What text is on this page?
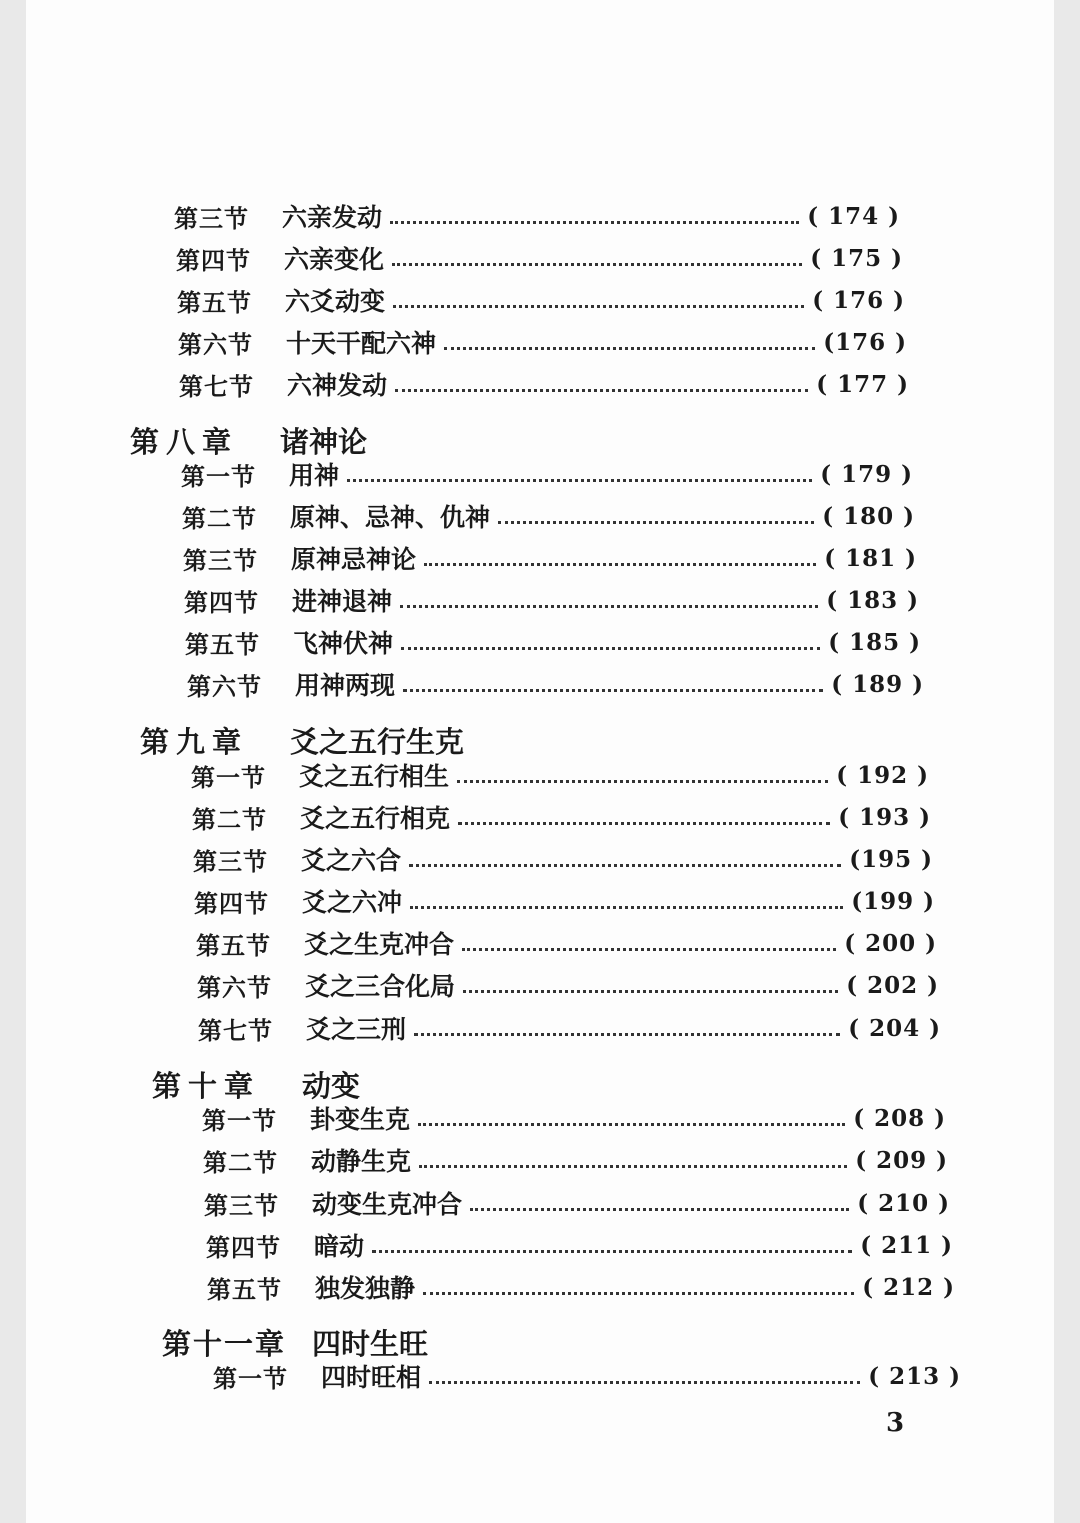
第三节	六亲发动	( 174 )
第四节	六亲变化	( 175 )
第五节	六爻动变	( 176 )
第六节	十天干配六神	(176 )
第七节	六神发动	( 177 )
第八章	诸神论
第一节	用神	( 179 )
第二节	原神、忌神、仇神	( 180 )
第三节	原神忌神论	( 181 )
第四节	进神退神	( 183 )
第五节	飞神伏神	( 185 )
第六节	用神两现	( 189 )
第九章	爻之五行生克
第一节	爻之五行相生	( 192 )
第二节	爻之五行相克	( 193 )
第三节	爻之六合	(195 )
第四节	爻之六冲	(199 )
第五节	爻之生克冲合	( 200 )
第六节	爻之三合化局	( 202 )
第七节	爻之三刑	( 204 )
第十章	动变
第一节	卦变生克	( 208 )
第二节	动静生克	( 209 )
第三节	动变生克冲合	( 210 )
第四节	暗动	( 211 )
第五节	独发独静	( 212 )
第十一章 四时生旺
第一节	四时旺相	( 213 )
3
